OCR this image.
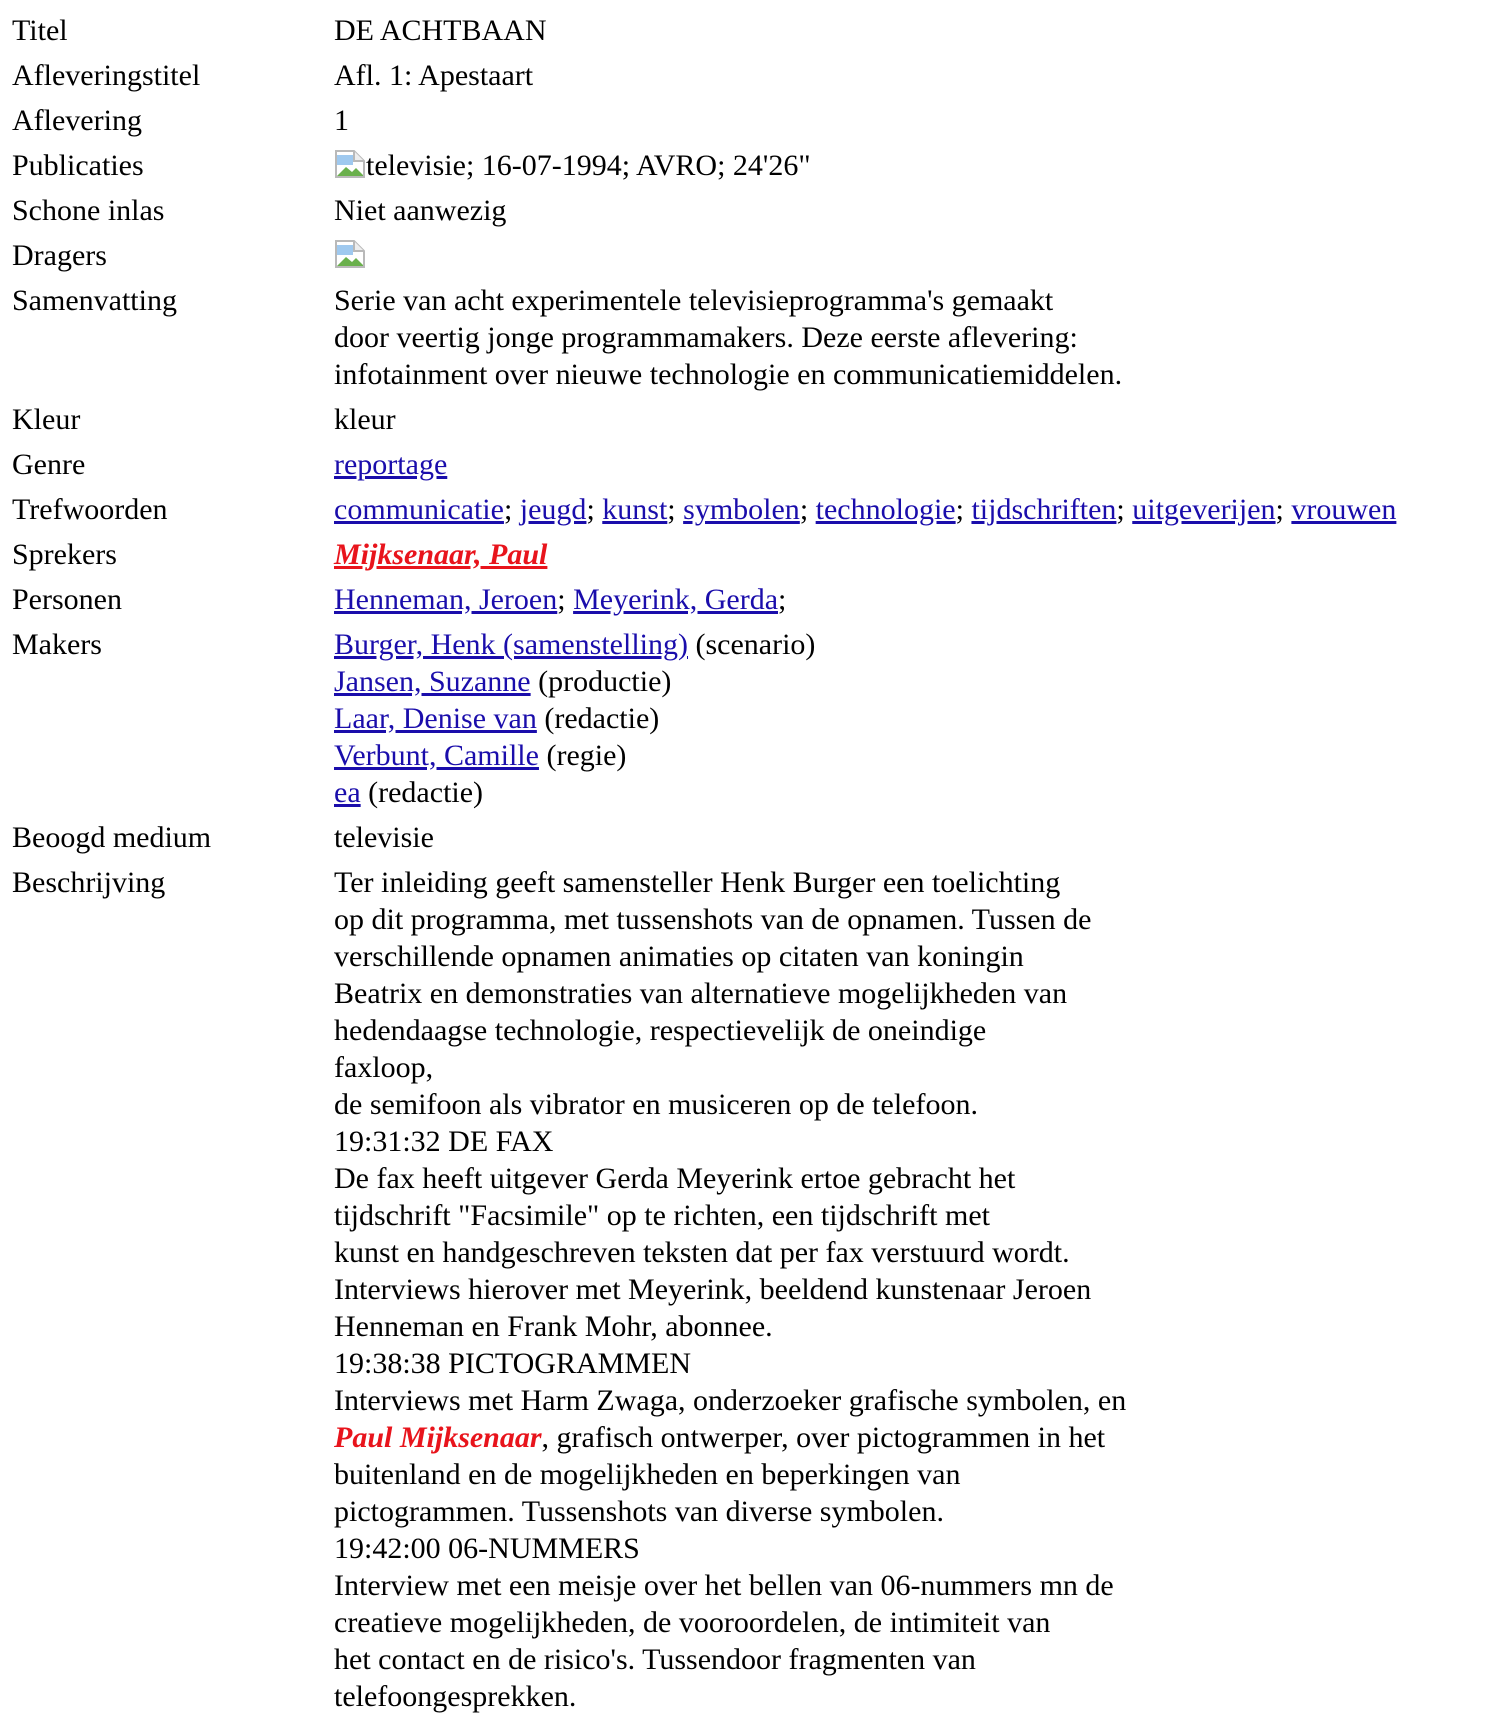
Titel	DE ACHTBAAN
Afleveringstitel	Afl. 1: Apestaart
Aflevering	1
Publicaties	televisie; 16-07-1994; AVRO; 24'26"
Schone inlas	Niet aanwezig
Dragers
Samenvatting	Serie van acht experimentele televisieprogramma's gemaakt
door veertig jonge programmamakers. Deze eerste aflevering:
infotainment over nieuwe technologie en communicatiemiddelen.
Kleur	kleur
Genre	reportage
Trefwoorden	communicatie; jeugd; kunst; symbolen; technologie; tijdschriften; uitgeverijen; vrouwen
Sprekers	Mijksenaar, Paul
Personen	Henneman, Jeroen; Meyerink, Gerda;
Makers	Burger, Henk (samenstelling) (scenario)
Jansen, Suzanne (productie)
Laar, Denise van (redactie)
Verbunt, Camille (regie)
ea (redactie)
Beoogd medium	televisie
Beschrijving	Ter inleiding geeft samensteller Henk Burger een toelichting
op dit programma, met tussenshots van de opnamen. Tussen de
verschillende opnamen animaties op citaten van koningin
Beatrix en demonstraties van alternatieve mogelijkheden van
hedendaagse technologie, respectievelijk de oneindige
faxloop,
de semifoon als vibrator en musiceren op de telefoon.
19:31:32 DE FAX
De fax heeft uitgever Gerda Meyerink ertoe gebracht het
tijdschrift "Facsimile" op te richten, een tijdschrift met
kunst en handgeschreven teksten dat per fax verstuurd wordt.
Interviews hierover met Meyerink, beeldend kunstenaar Jeroen
Henneman en Frank Mohr, abonnee.
19:38:38 PICTOGRAMMEN
Interviews met Harm Zwaga, onderzoeker grafische symbolen, en
Paul Mijksenaar, grafisch ontwerper, over pictogrammen in het
buitenland en de mogelijkheden en beperkingen van
pictogrammen. Tussenshots van diverse symbolen.
19:42:00 06-NUMMERS
Interview met een meisje over het bellen van 06-nummers mn de
creatieve mogelijkheden, de vooroordelen, de intimiteit van
het contact en de risico's. Tussendoor fragmenten van
telefoongesprekken.
